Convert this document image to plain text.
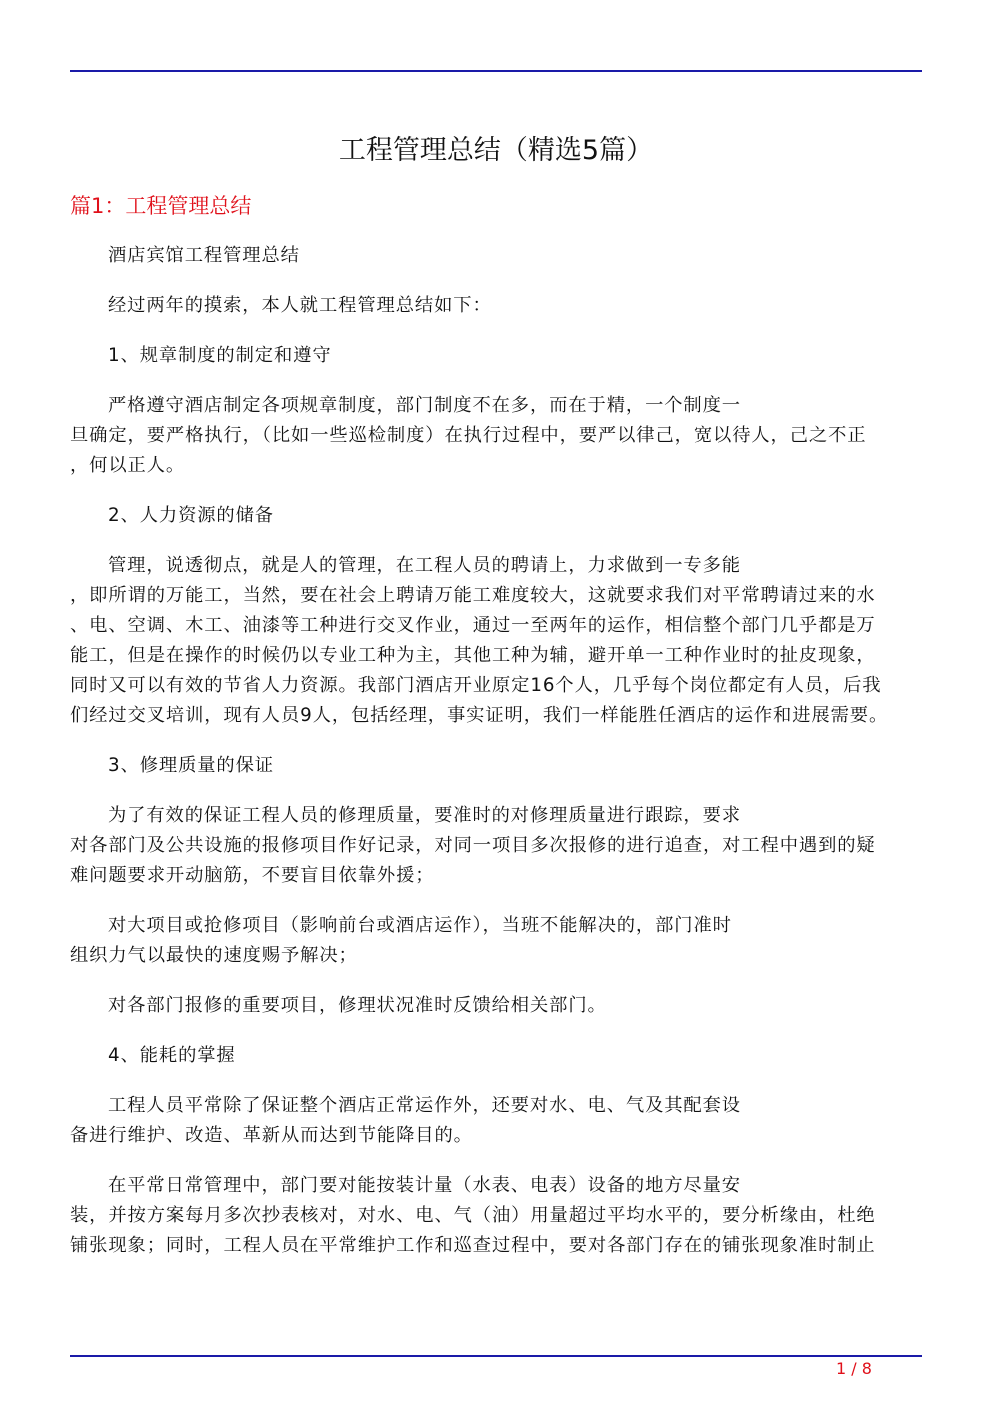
工程管理总结（精选5篇）
篇1：工程管理总结
酒店宾馆工程管理总结
经过两年的摸索，本人就工程管理总结如下：
1、规章制度的制定和遵守
严格遵守酒店制定各项规章制度，部门制度不在多，而在于精，一个制度一
旦确定，要严格执行，（比如一些巡检制度）在执行过程中，要严以律己，宽以待人，己之不正
，何以正人。
2、人力资源的储备
管理，说透彻点，就是人的管理，在工程人员的聘请上，力求做到一专多能
，即所谓的万能工，当然，要在社会上聘请万能工难度较大，这就要求我们对平常聘请过来的水
、电、空调、木工、油漆等工种进行交叉作业，通过一至两年的运作，相信整个部门几乎都是万
能工，但是在操作的时候仍以专业工种为主，其他工种为辅，避开单一工种作业时的扯皮现象，
同时又可以有效的节省人力资源。我部门酒店开业原定16个人，几乎每个岗位都定有人员，后我
们经过交叉培训，现有人员9人，包括经理，事实证明，我们一样能胜任酒店的运作和进展需要。
3、修理质量的保证
为了有效的保证工程人员的修理质量，要准时的对修理质量进行跟踪，要求
对各部门及公共设施的报修项目作好记录，对同一项目多次报修的进行追查，对工程中遇到的疑
难问题要求开动脑筋，不要盲目依靠外援；
对大项目或抢修项目（影响前台或酒店运作），当班不能解决的，部门准时
组织力气以最快的速度赐予解决；
对各部门报修的重要项目，修理状况准时反馈给相关部门。
4、能耗的掌握
工程人员平常除了保证整个酒店正常运作外，还要对水、电、气及其配套设
备进行维护、改造、革新从而达到节能降目的。
在平常日常管理中，部门要对能按装计量（水表、电表）设备的地方尽量安
装，并按方案每月多次抄表核对，对水、电、气（油）用量超过平均水平的，要分析缘由，杜绝
铺张现象；同时，工程人员在平常维护工作和巡查过程中，要对各部门存在的铺张现象准时制止
1 / 8
